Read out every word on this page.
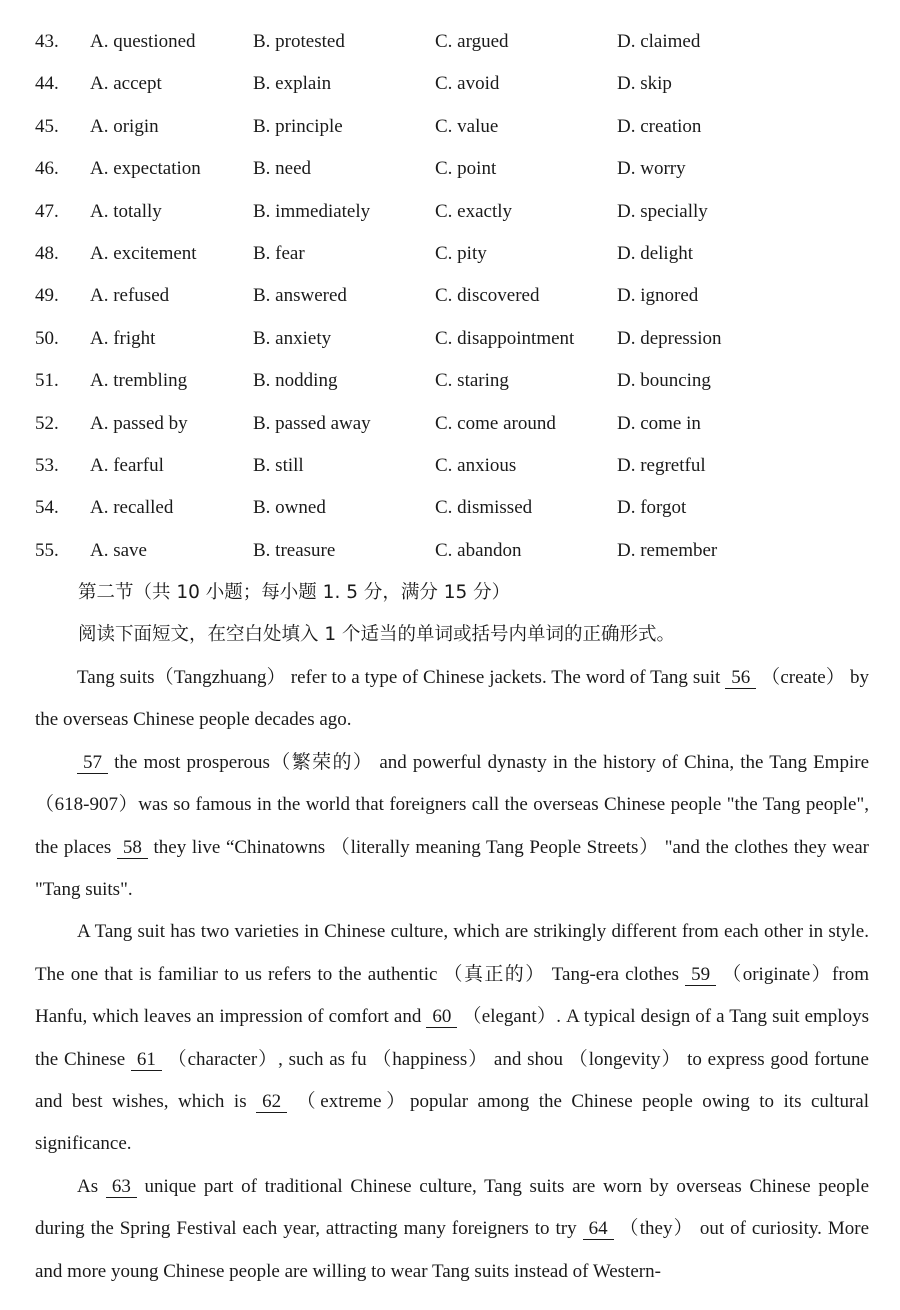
43. A. questioned	B. protested	C. argued	D. claimed
44. A. accept	B. explain	C. avoid	D. skip
45. A. origin	B. principle	C. value	D. creation
46. A. expectation	B. need	C. point	D. worry
47. A. totally	B. immediately	C. exactly	D. specially
48. A. excitement	B. fear	C. pity	D. delight
49. A. refused	B. answered	C. discovered	D. ignored
50. A. fright	B. anxiety	C. disappointment D. depression
51. A. trembling	B. nodding	C. staring	D. bouncing
52. A. passed by	B. passed away	C. come around	D. come in
53. A. fearful	B. still	C. anxious	D. regretful
54. A. recalled	B. owned	C. dismissed	D. forgot
55. A. save	B. treasure	C. abandon	D. remember
第二节（共 10 小题；每小题 1. 5 分，满分 15 分）
阅读下面短文，在空白处填入 1 个适当的单词或括号内单词的正确形式。

Tang suits（Tangzhuang） refer to a type of Chinese jackets. The word of Tang suit 56 （create） by the overseas Chinese people decades ago.

57 the most prosperous（繁荣的） and powerful dynasty in the history of China, the Tang Empire （618-907）was so famous in the world that foreigners call the overseas Chinese people "the Tang people", the places 58 they live “Chinatowns （literally meaning Tang People Streets） "and the clothes they wear "Tang suits".

A Tang suit has two varieties in Chinese culture, which are strikingly different from each other in style. The one that is familiar to us refers to the authentic （真正的） Tang-era clothes 59 （originate）from Hanfu, which leaves an impression of comfort and 60 （elegant）. A typical design of a Tang suit employs the Chinese 61 （character）, such as fu （happiness） and shou （longevity） to express good fortune and best wishes, which is 62 （extreme）popular among the Chinese people owing to its cultural significance.

As 63 unique part of traditional Chinese culture, Tang suits are worn by overseas Chinese people during the Spring Festival each year, attracting many foreigners to try 64 （they） out of curiosity. More and more young Chinese people are willing to wear Tang suits instead of Western-
